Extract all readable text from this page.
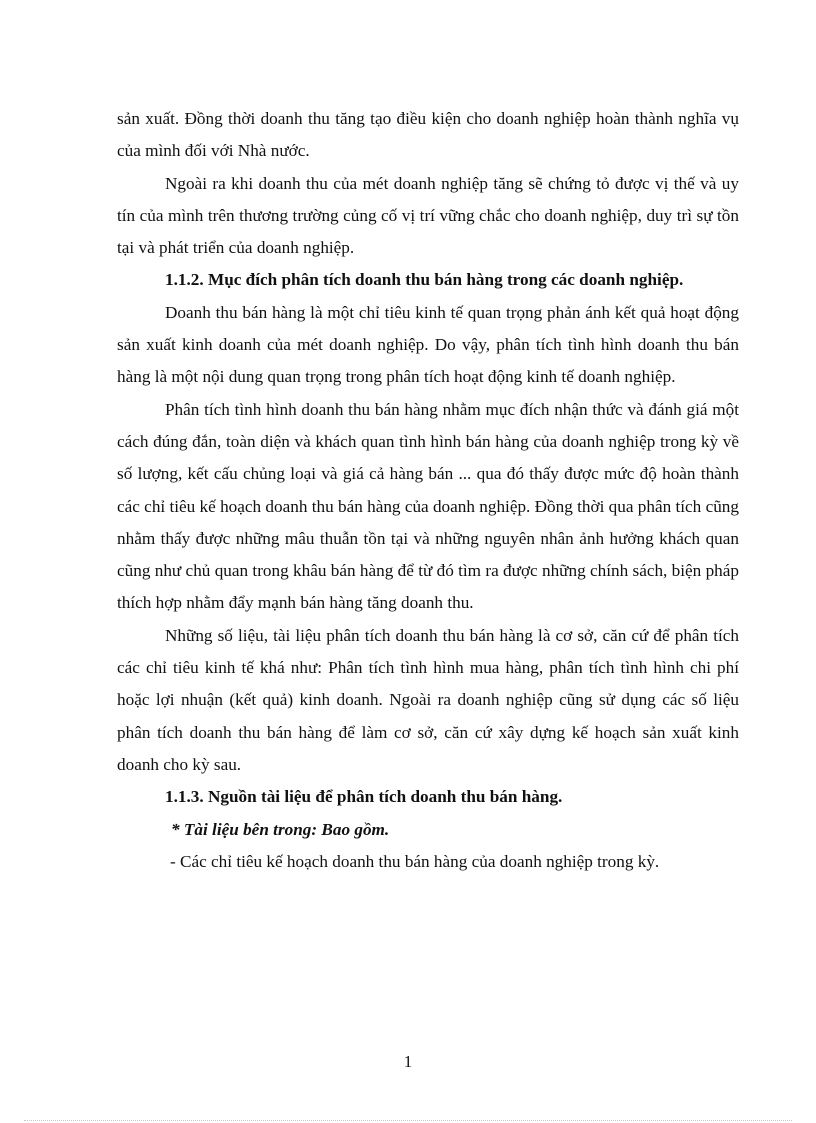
sản xuất. Đồng thời doanh thu tăng tạo điều kiện cho doanh nghiệp hoàn thành nghĩa vụ của mình đối với Nhà nước.

Ngoài ra khi doanh thu của mét doanh nghiệp tăng sẽ chứng tỏ được vị thế và uy tín của mình trên thương trường củng cố vị trí vững chắc cho doanh nghiệp, duy trì sự tồn tại và phát triển của doanh nghiệp.

1.1.2. Mục đích phân tích doanh thu bán hàng trong các doanh nghiệp.

Doanh thu bán hàng là một chỉ tiêu kinh tế quan trọng phản ánh kết quả hoạt động sản xuất kinh doanh của mét doanh nghiệp. Do vậy, phân tích tình hình doanh thu bán hàng là một nội dung quan trọng trong phân tích hoạt động kinh tế doanh nghiệp.

Phân tích tình hình doanh thu bán hàng nhằm mục đích nhận thức và đánh giá một cách đúng đắn, toàn diện và khách quan tình hình bán hàng của doanh nghiệp trong kỳ về số lượng, kết cấu chủng loại và giá cả hàng bán ... qua đó thấy được mức độ hoàn thành các chỉ tiêu kế hoạch doanh thu bán hàng của doanh nghiệp. Đồng thời qua phân tích cũng nhằm thấy được những mâu thuẫn tồn tại và những nguyên nhân ảnh hưởng khách quan cũng như chủ quan trong khâu bán hàng để từ đó tìm ra được những chính sách, biện pháp thích hợp nhằm đẩy mạnh bán hàng tăng doanh thu.

Những số liệu, tài liệu phân tích doanh thu bán hàng là cơ sở, căn cứ để phân tích các chỉ tiêu kinh tế khá như: Phân tích tình hình mua hàng, phân tích tình hình chi phí hoặc lợi nhuận (kết quả) kinh doanh. Ngoài ra doanh nghiệp cũng sử dụng các số liệu phân tích doanh thu bán hàng để làm cơ sở, căn cứ xây dựng kế hoạch sản xuất kinh doanh cho kỳ sau.

1.1.3. Nguồn tài liệu để phân tích doanh thu bán hàng.

* Tài liệu bên trong: Bao gồm.

- Các chỉ tiêu kế hoạch doanh thu bán hàng của doanh nghiệp trong kỳ.

1
